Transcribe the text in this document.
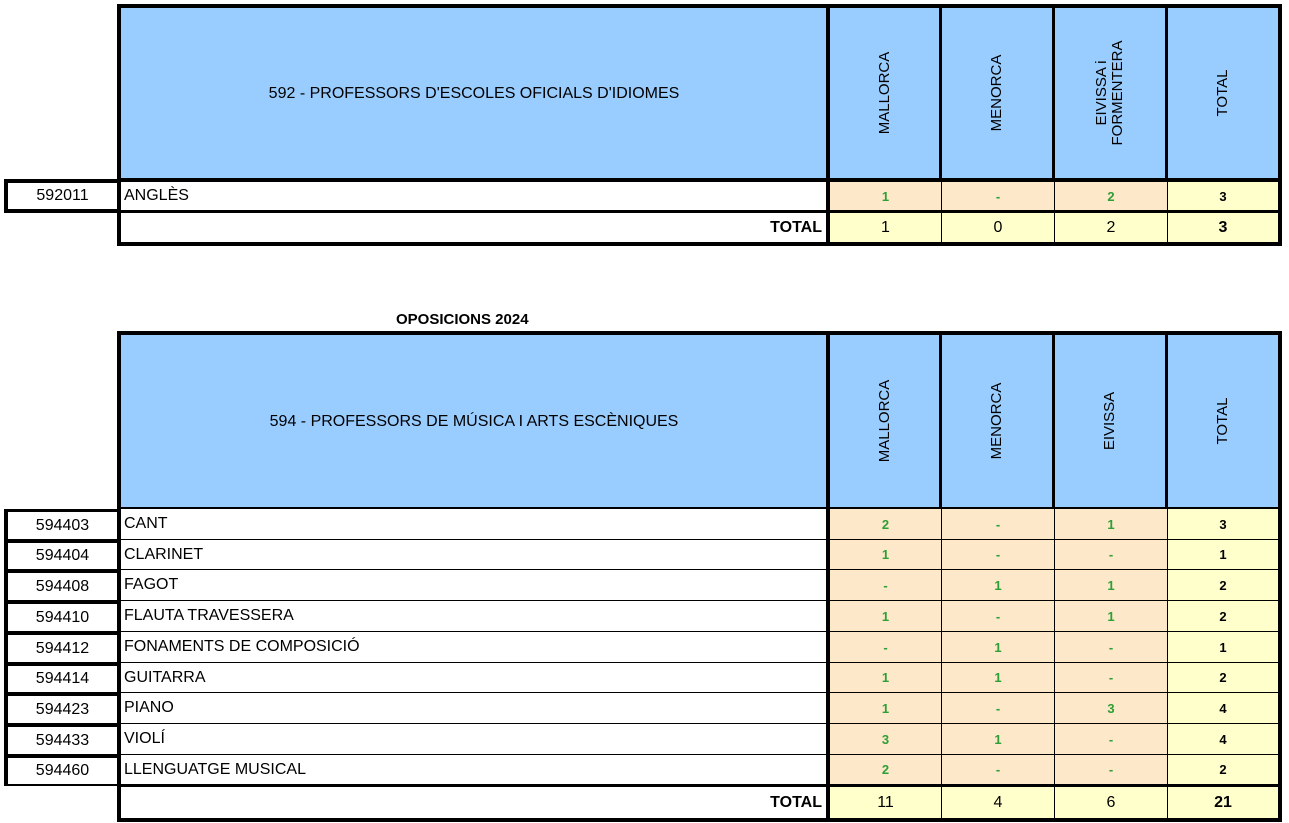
592 - PROFESSORS D'ESCOLES OFICIALS D'IDIOMES	MALLORCA	MENORCA	EIVISSA i
FORMENTERA	TOTAL
592011 ANGLÈS	1	-	2	3
TOTAL	1	0	2	3
OPOSICIONS 2024
594 - PROFESSORS DE MÚSICA I ARTS ESCÈNIQUES	MALLORCA	MENORCA	EIVISSA	TOTAL
594403 CANT	2	-	1	3
594404 CLARINET	1	-	-	1
594408 FAGOT	-	1	1	2
594410 FLAUTA TRAVESSERA	1	-	1	2
594412 FONAMENTS DE COMPOSICIÓ	-	1	-	1
594414 GUITARRA	1	1	-	2
594423 PIANO	1	-	3	4
594433 VIOLÍ	3	1	-	4
594460 LLENGUATGE MUSICAL	2	-	-	2
TOTAL	11	4	6	21
